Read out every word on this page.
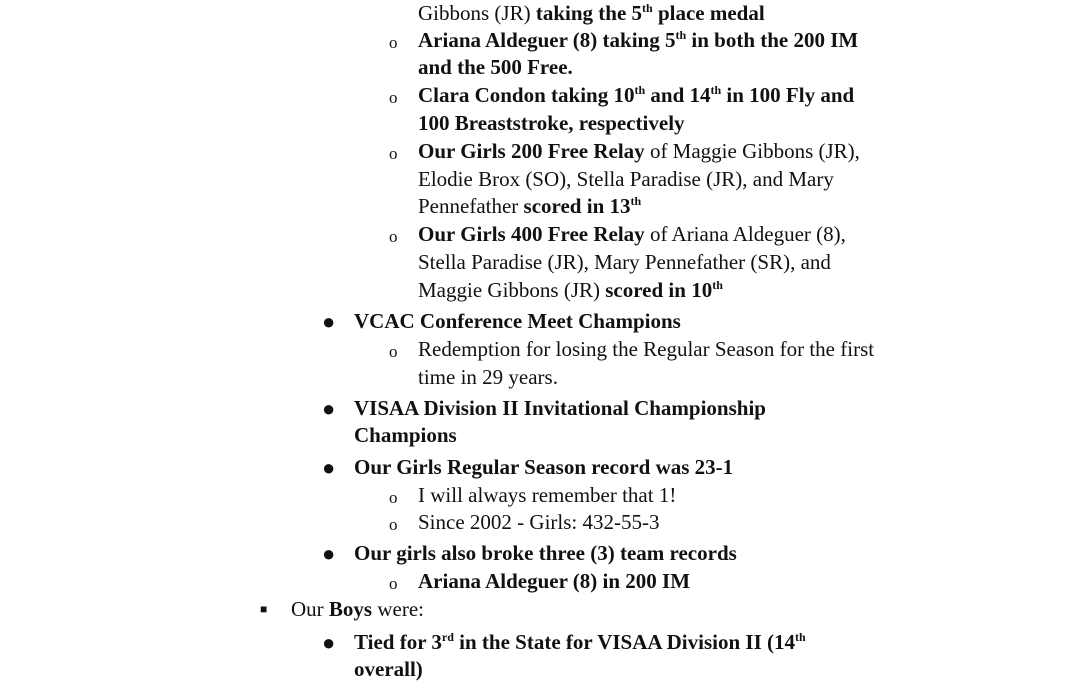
Gibbons (JR) taking the 5th place medal
o Ariana Aldeguer (8) taking 5th in both the 200 IM
and the 500 Free.
o Clara Condon taking 10th and 14th in 100 Fly and
100 Breaststroke, respectively
o Our Girls 200 Free Relay of Maggie Gibbons (JR),
Elodie Brox (SO), Stella Paradise (JR), and Mary
Pennefather scored in 13th
o Our Girls 400 Free Relay of Ariana Aldeguer (8),
Stella Paradise (JR), Mary Pennefather (SR), and
Maggie Gibbons (JR) scored in 10th
● VCAC Conference Meet Champions
o Redemption for losing the Regular Season for the first
time in 29 years.
● VISAA Division II Invitational Championship
Champions
● Our Girls Regular Season record was 23-1
o I will always remember that 1!
o Since 2002 - Girls: 432-55-3
● Our girls also broke three (3) team records
o Ariana Aldeguer (8) in 200 IM
■ Our Boys were:
● Tied for 3rd in the State for VISAA Division II (14th
overall)
